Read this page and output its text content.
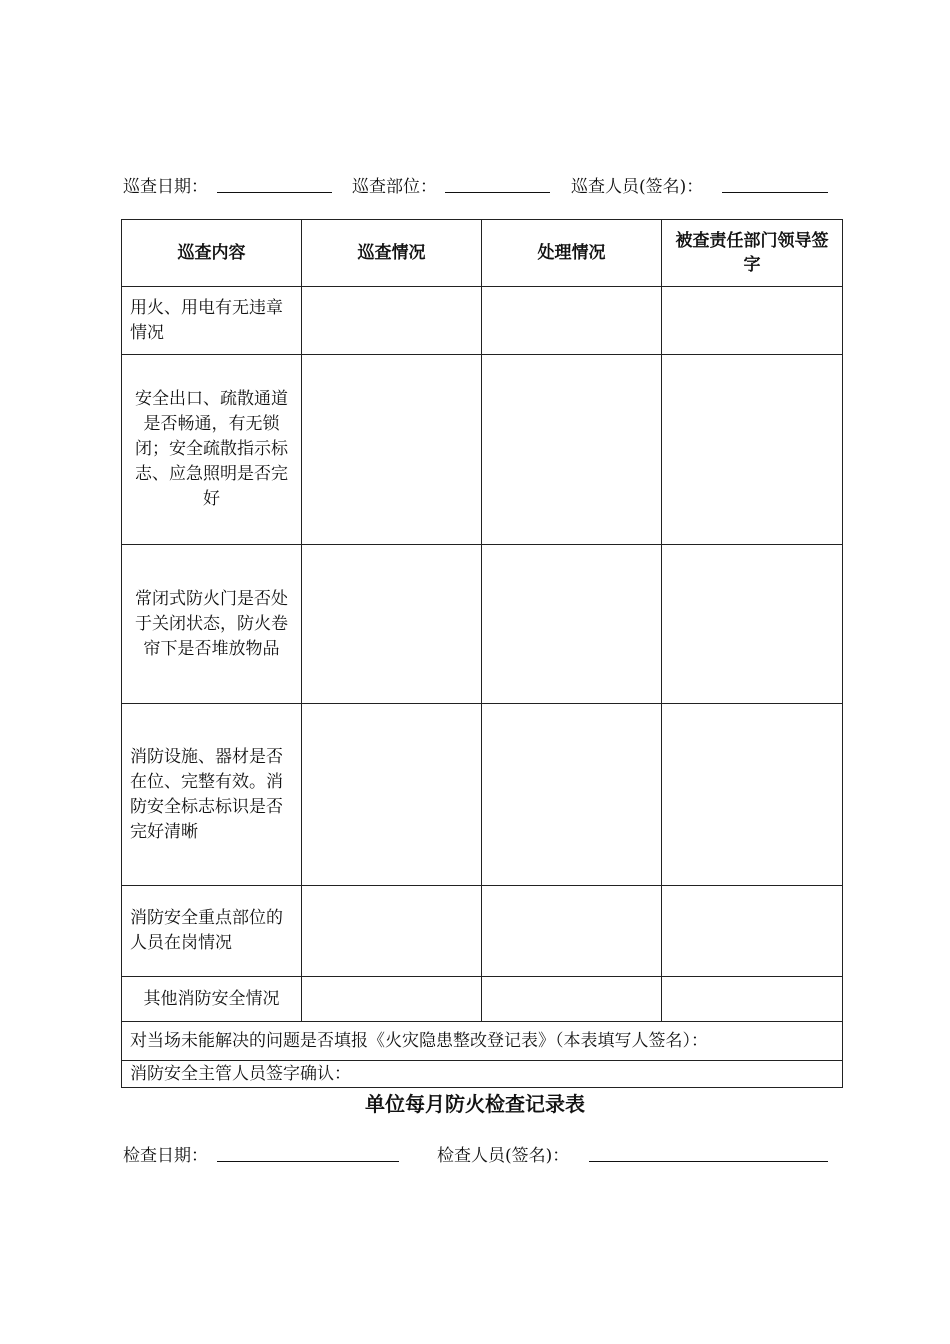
巡查日期：	巡查部位：	巡查人员(签名)：
巡查内容	巡查情况	处理情况	被查责任部门领导签字
用火、用电有无违章情况			
安全出口、疏散通道是否畅通，有无锁闭；安全疏散指示标志、应急照明是否完好			
常闭式防火门是否处于关闭状态，防火卷帘下是否堆放物品			
消防设施、器材是否在位、完整有效。消防安全标志标识是否完好清晰			
消防安全重点部位的人员在岗情况			
其他消防安全情况			
对当场未能解决的问题是否填报《火灾隐患整改登记表》（本表填写人签名）：			
消防安全主管人员签字确认：			
单位每月防火检查记录表
检查日期：	检查人员(签名)：
